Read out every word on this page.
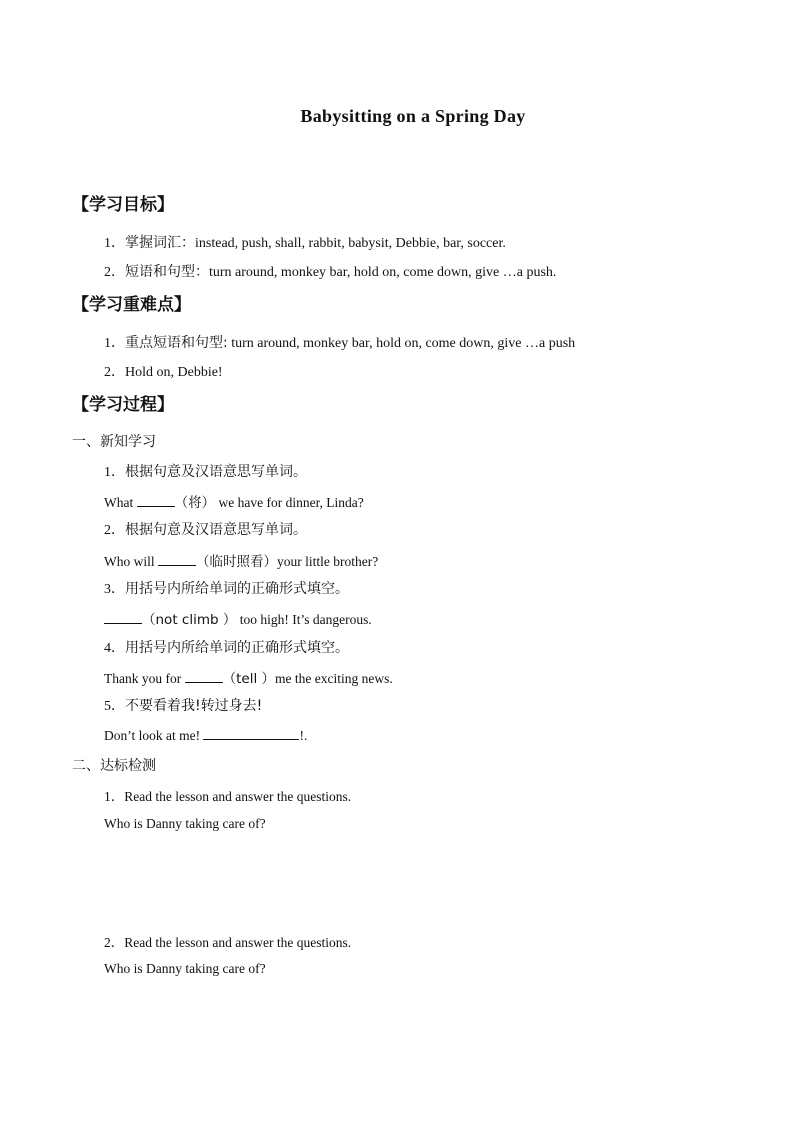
Babysitting on a Spring Day
【学习目标】
1．掌握词汇：instead, push, shall, rabbit, babysit, Debbie, bar, soccer.
2．短语和句型：turn around, monkey bar, hold on, come down, give …a push.
【学习重难点】
1．重点短语和句型: turn around, monkey bar, hold on, come down, give …a push
2．Hold on, Debbie!
【学习过程】
一、新知学习
1．根据句意及汉语意思写单词。
What	（将） we have for dinner, Linda?
2．根据句意及汉语意思写单词。
Who will	（临时照看）your little brother?
3．用括号内所给单词的正确形式填空。
（not climb ） too high! It’s dangerous.
4．用括号内所给单词的正确形式填空。
Thank you for	（tell ）me the exciting news.
5．不要看着我!转过身去!
Don’t look at me!	!.
二、达标检测
1．Read the lesson and answer the questions.
Who is Danny taking care of?
2．Read the lesson and answer the questions.
Who is Danny taking care of?
